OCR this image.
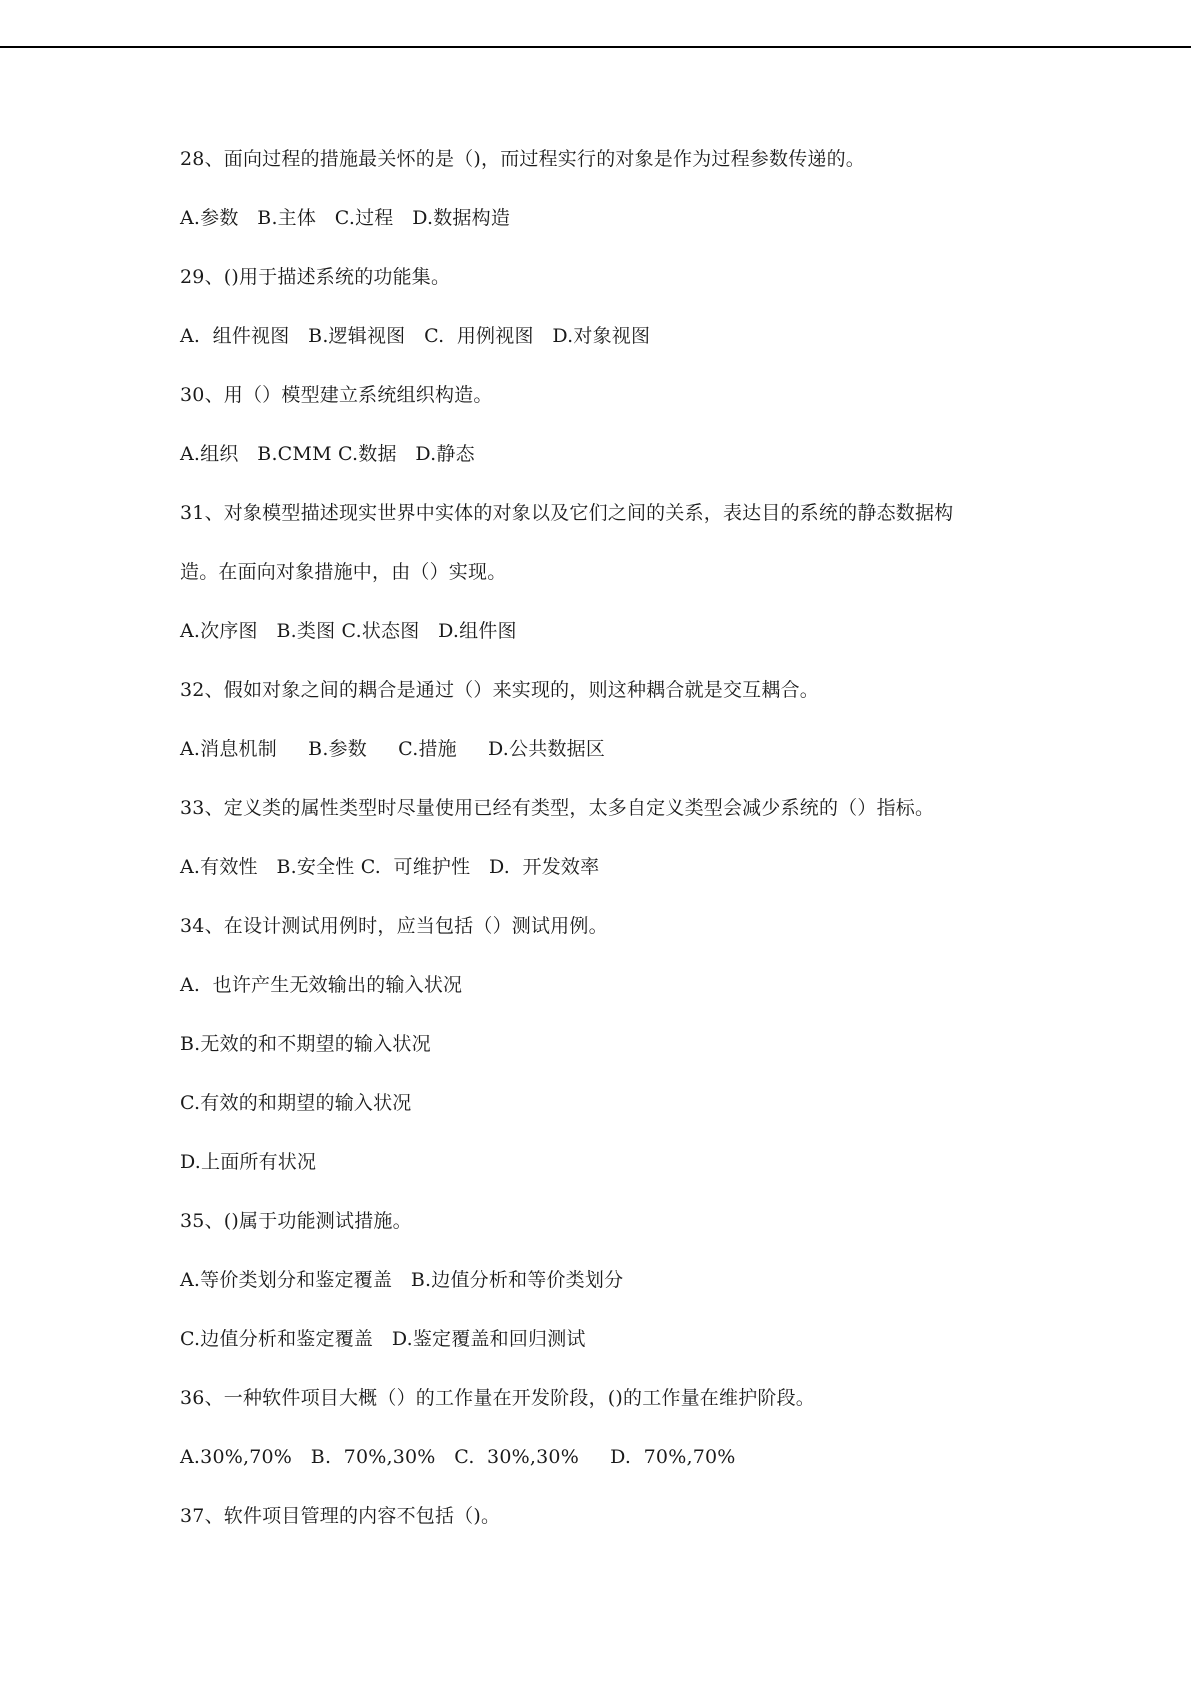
28、面向过程的措施最关怀的是（)，而过程实行的对象是作为过程参数传递的。
A.参数   B.主体   C.过程   D.数据构造
29、()用于描述系统的功能集。
A.  组件视图   B.逻辑视图   C.  用例视图   D.对象视图
30、用（）模型建立系统组织构造。
A.组织   B.CMM C.数据   D.静态
31、对象模型描述现实世界中实体的对象以及它们之间的关系，表达目的系统的静态数据构
造。在面向对象措施中，由（）实现。
A.次序图   B.类图 C.状态图   D.组件图
32、假如对象之间的耦合是通过（）来实现的，则这种耦合就是交互耦合。
A.消息机制     B.参数     C.措施     D.公共数据区
33、定义类的属性类型时尽量使用已经有类型，太多自定义类型会减少系统的（）指标。
A.有效性   B.安全性 C.  可维护性   D.  开发效率
34、在设计测试用例时，应当包括（）测试用例。
A.  也许产生无效输出的输入状况
B.无效的和不期望的输入状况
C.有效的和期望的输入状况
D.上面所有状况
35、()属于功能测试措施。
A.等价类划分和鉴定覆盖   B.边值分析和等价类划分
C.边值分析和鉴定覆盖   D.鉴定覆盖和回归测试
36、一种软件项目大概（）的工作量在开发阶段，()的工作量在维护阶段。
A.30%,70%   B.  70%,30%   C.  30%,30%     D.  70%,70%
37、软件项目管理的内容不包括（)。
